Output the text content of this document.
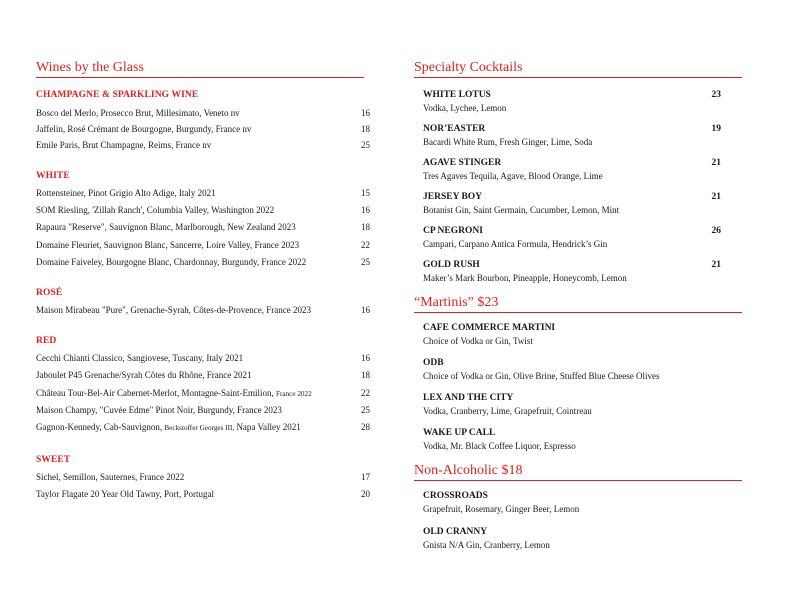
Wines by the Glass
CHAMPAGNE & SPARKLING WINE
Bosco del Merlo, Prosecco Brut, Millesimato, Veneto nv	16
Jaffelin, Rosé Crémant de Bourgogne, Burgundy, France nv	18
Emile Paris, Brut Champagne, Reims, France nv	25
WHITE
Rottensteiner, Pinot Grigio Alto Adige, Italy 2021	15
SOM Riesling, 'Zillah Ranch', Columbia Valley, Washington 2022	16
Rapaura "Reserve", Sauvignon Blanc, Marlborough, New Zealand 2023	18
Domaine Fleuriet, Sauvignon Blanc, Sancerre, Loire Valley, France 2023	22
Domaine Faiveley, Bourgogne Blanc, Chardonnay, Burgundy, France 2022	25
ROSÉ
Maison Mirabeau "Pure", Grenache-Syrah, Côtes-de-Provence, France 2023	16
RED
Cecchi Chianti Classico, Sangiovese, Tuscany, Italy 2021	16
Jaboulet P45 Grenache/Syrah Côtes du Rhône, France 2021	18
Château Tour-Bel-Air Cabernet-Merlot, Montagne-Saint-Emilion, France 2022	22
Maison Champy, "Cuvée Edme" Pinot Noir, Burgundy, France 2023	25
Gagnon-Kennedy, Cab-Sauvignon, Beckstoffer Georges III, Napa Valley 2021	28
SWEET
Sichel, Semillon, Sauternes, France 2022	17
Taylor Flagate 20 Year Old Tawny, Port, Portugal	20
Specialty Cocktails
WHITE LOTUS	23
Vodka, Lychee, Lemon
NOR’EASTER	19
Bacardi White Rum, Fresh Ginger, Lime, Soda
AGAVE STINGER	21
Tres Agaves Tequila, Agave, Blood Orange, Lime
JERSEY BOY	21
Botanist Gin, Saint Germain, Cucumber, Lemon, Mint
CP NEGRONI	26
Campari, Carpano Antica Formula, Hendrick’s Gin
GOLD RUSH	21
Maker’s Mark Bourbon, Pineapple, Honeycomb, Lemon
“Martinis” $23
CAFE COMMERCE MARTINI
Choice of Vodka or Gin, Twist
ODB
Choice of Vodka or Gin, Olive Brine, Stuffed Blue Cheese Olives
LEX AND THE CITY
Vodka, Cranberry, Lime, Grapefruit, Cointreau
WAKE UP CALL
Vodka, Mr. Black Coffee Liquor, Espresso
Non-Alcoholic $18
CROSSROADS
Grapefruit, Rosemary, Ginger Beer, Lemon
OLD CRANNY
Gnista N/A Gin, Cranberry, Lemon
